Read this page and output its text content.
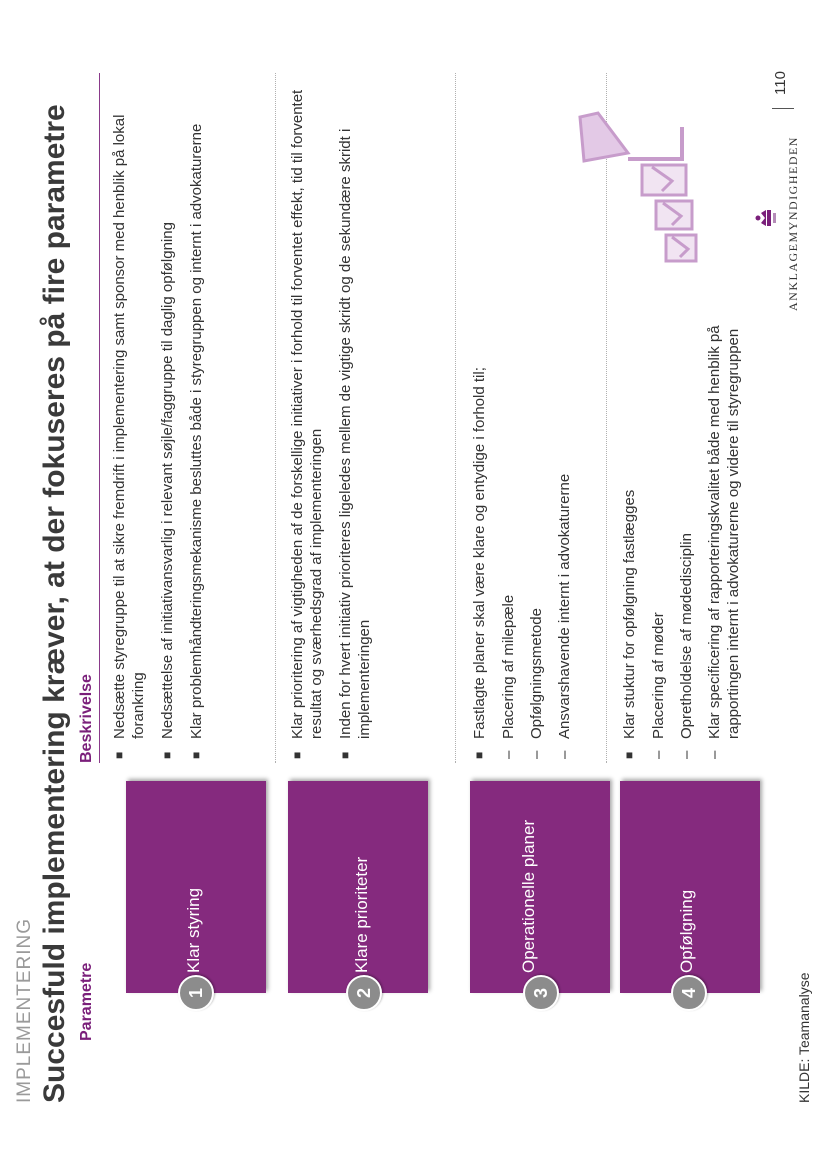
IMPLEMENTERING Succesfuld implementering kræver, at der fokuseres på fire parametre Parametre
Beskrivelse
1
Klar styring
■
Nedsætte styregruppe til at sikre fremdrift i implementering samt sponsor med henblik på lokal forankring
■
Nedsættelse af initiativansvarlig i relevant søjle/faggruppe til daglig opfølgning
■
Klar problemhåndteringsmekanisme besluttes både i styregruppen og internt i advokaturerne
2
Klare prioriteter
■
Klar prioritering af vigtigheden af de forskellige initiativer i forhold til forventet effekt, tid til forventet resultat og sværhedsgrad af implementeringen
■
Inden for hvert initiativ prioriteres ligeledes mellem de vigtige skridt og de sekundære skridt i implementeringen
3
Operationelle planer
■
Fastlagte planer skal være klare og entydige i forhold til;
–
Placering af milepæle
–
Opfølgningsmetode
–
Ansvarshavende internt i advokaturerne
4
Opfølgning
■
Klar stuktur for opfølgning fastlægges
–
Placering af møder
–
Opretholdelse af mødedisciplin
–
Klar specificering af rapporteringskvalitet både med henblik på rapportingen internt i advokaturerne og videre til styregruppen
KILDE: Teamanalyse
ANKLAGEMYNDIGHEDEN
110
